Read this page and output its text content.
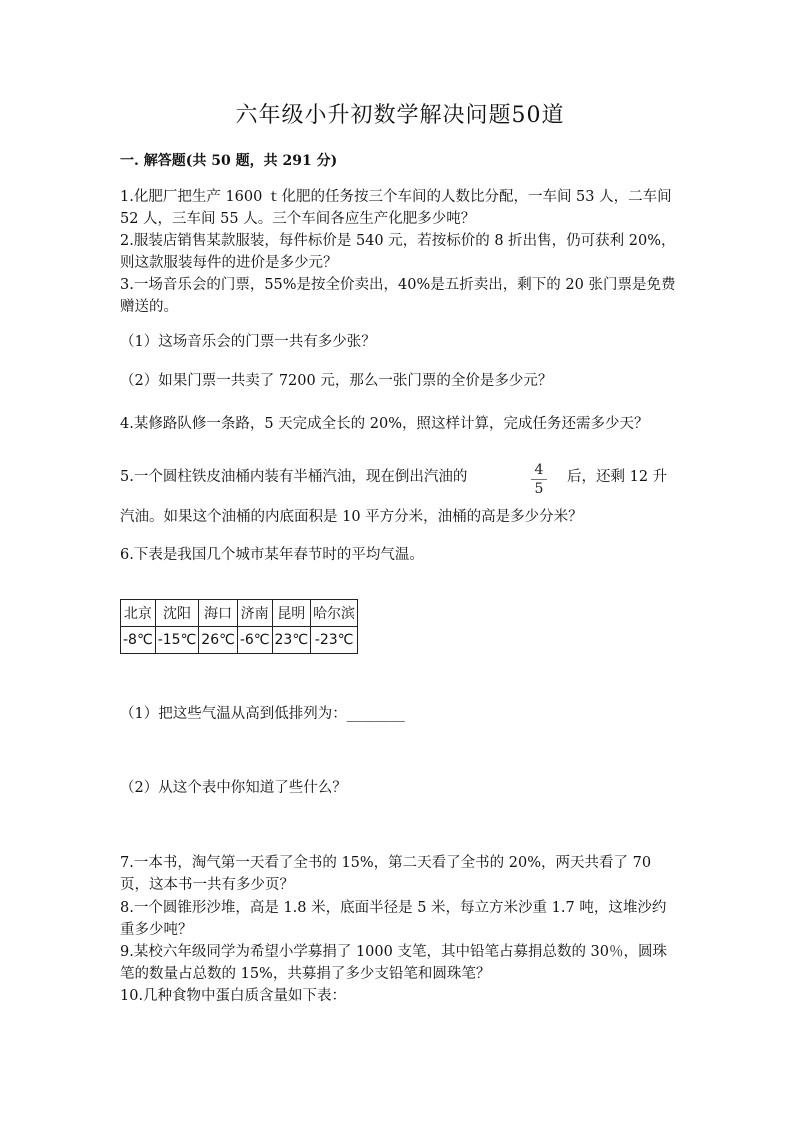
六年级小升初数学解决问题50道
一. 解答题(共 50 题，共 291 分)

1.化肥厂把生产 1600 ｔ化肥的任务按三个车间的人数比分配，一车间 53 人，二车间 52 人，三车间 55 人。三个车间各应生产化肥多少吨？

2.服装店销售某款服装，每件标价是 540 元，若按标价的 8 折出售，仍可获利 20%，则这款服装每件的进价是多少元？

3.一场音乐会的门票，55%是按全价卖出，40%是五折卖出，剩下的 20 张门票是免费赠送的。

（1）这场音乐会的门票一共有多少张？

（2）如果门票一共卖了 7200 元，那么一张门票的全价是多少元？

4.某修路队修一条路，5 天完成全长的 20%，照这样计算，完成任务还需多少天？

5.一个圆柱铁皮油桶内装有半桶汽油，现在倒出汽油的	4
5

后，还剩 12 升

汽油。如果这个油桶的内底面积是 10 平方分米，油桶的高是多少分米？

6.下表是我国几个城市某年春节时的平均气温。

北京	沈阳	海口	济南	昆明	哈尔滨
-8℃	-15℃	26℃	-6℃	23℃	-23℃

（1）把这些气温从高到低排列为：________

（2）从这个表中你知道了些什么？

7.一本书，淘气第一天看了全书的 15%，第二天看了全书的 20%，两天共看了 70 页，这本书一共有多少页？

8.一个圆锥形沙堆，高是 1.8 米，底面半径是 5 米，每立方米沙重 1.7 吨，这堆沙约重多少吨？

9.某校六年级同学为希望小学募捐了 1000 支笔，其中铅笔占募捐总数的 30％，圆珠笔的数量占总数的 15%，共募捐了多少支铅笔和圆珠笔？

10.几种食物中蛋白质含量如下表：
